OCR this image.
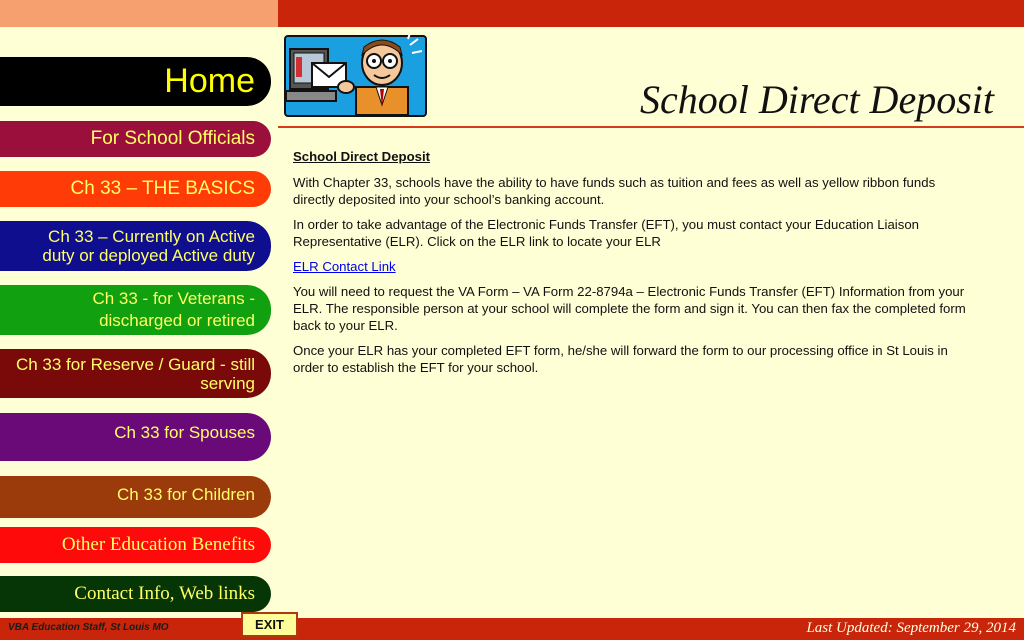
School Direct Deposit
Home
For School Officials
Ch 33 – THE BASICS
Ch 33 – Currently on Active duty or deployed Active duty
Ch 33 - for Veterans - discharged or retired
Ch 33 for Reserve / Guard - still serving
Ch 33 for Spouses
Ch 33 for Children
Other Education Benefits
Contact Info, Web links

School Direct Deposit

With Chapter 33, schools have the ability to have funds such as tuition and fees as well as yellow ribbon funds directly deposited into your school’s banking account.

In order to take advantage of the Electronic Funds Transfer (EFT), you must contact your Education Liaison Representative (ELR). Click on the ELR link to locate your ELR

ELR Contact Link

You will need to request the VA Form – VA Form 22-8794a – Electronic Funds Transfer (EFT) Information from your ELR. The responsible person at your school will complete the form and sign it. You can then fax the completed form back to your ELR.

Once your ELR has your completed EFT form, he/she will forward the form to our processing office in St Louis in order to establish the EFT for your school.

VBA Education Staff, St Louis MO	Last Updated: September 29, 2014
EXIT
